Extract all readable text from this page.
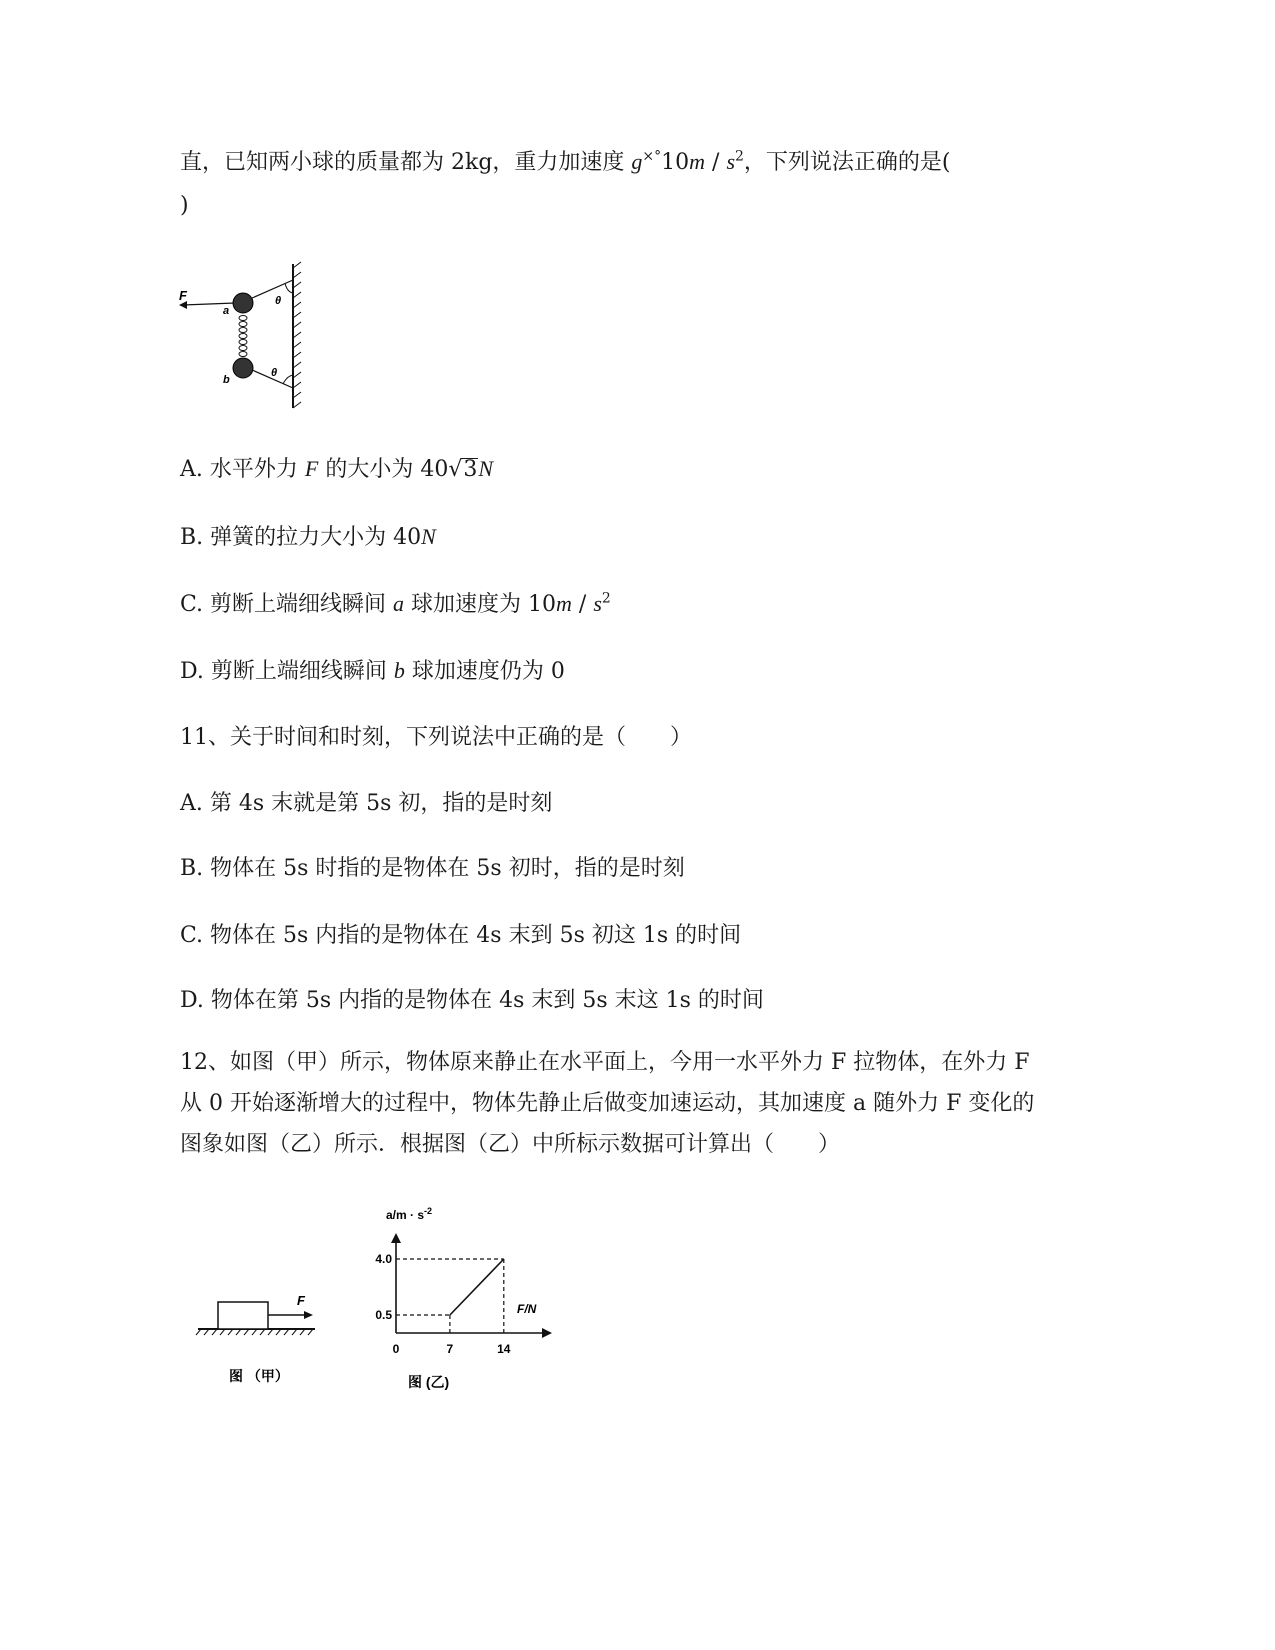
直，已知两小球的质量都为 2kg，重力加速度 $g^{\times^\circ}10m / s^2$，下列说法正确的是(
)
F
a
b
θ
θ
A. 水平外力 F 的大小为 40√3N
B. 弹簧的拉力大小为 40N
C. 剪断上端细线瞬间 a 球加速度为 $10m / s^2$
D. 剪断上端细线瞬间 b 球加速度仍为 0
11、关于时间和时刻，下列说法中正确的是（　　）
A. 第 4s 末就是第 5s 初，指的是时刻
B. 物体在 5s 时指的是物体在 5s 初时，指的是时刻
C. 物体在 5s 内指的是物体在 4s 末到 5s 初这 1s 的时间
D. 物体在第 5s 内指的是物体在 4s 末到 5s 末这 1s 的时间
12、如图（甲）所示，物体原来静止在水平面上，今用一水平外力 F 拉物体，在外力 F 从 0 开始逐渐增大的过程中，物体先静止后做变加速运动，其加速度 a 随外力 F 变化的图象如图（乙）所示．根据图（乙）中所标示数据可计算出（　　）
F
图 （甲）
0.5
4.0
0	7	14
$a/m \cdot s^{-2}$
F/N
图 (乙)
